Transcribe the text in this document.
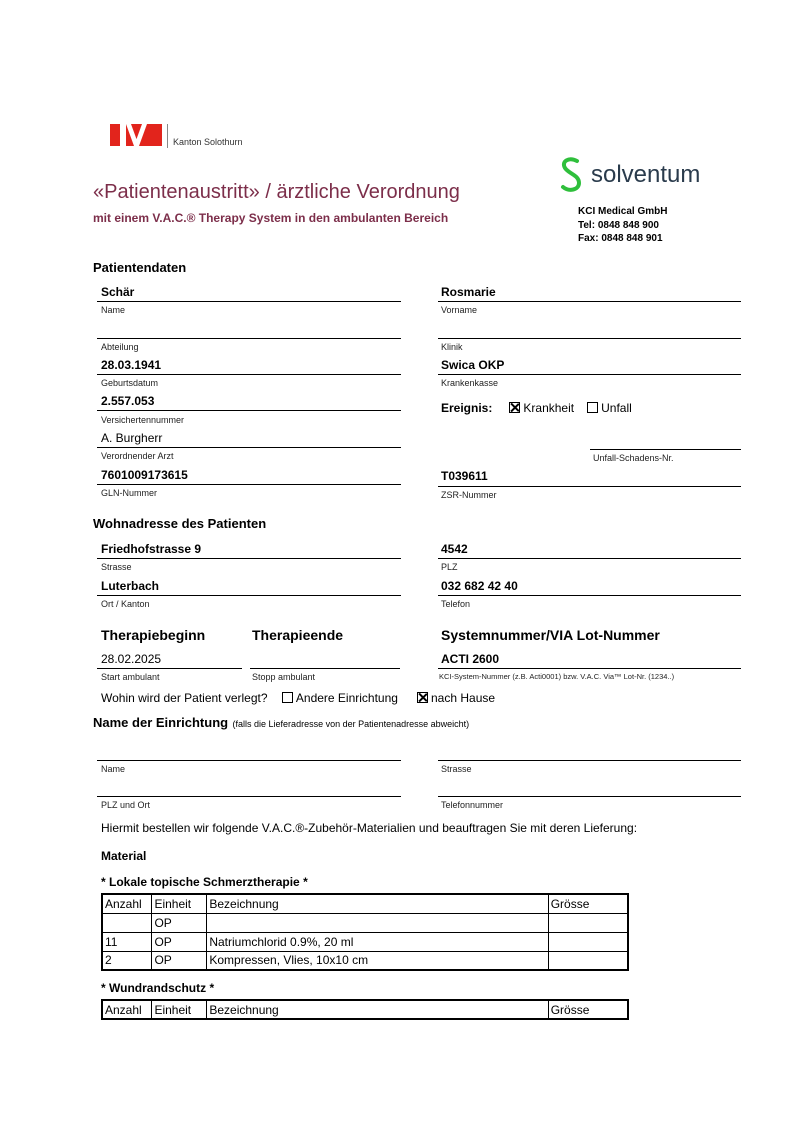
Kanton Solothurn
«Patientenaustritt» / ärztliche Verordnung
mit einem V.A.C.® Therapy System in den ambulanten Bereich
solventum
KCI Medical GmbH
Tel: 0848 848 900
Fax: 0848 848 901
Patientendaten
Schär
Name
Rosmarie
Vorname
Abteilung	Klinik
28.03.1941
Geburtsdatum
Swica OKP
Krankenkasse
2.557.053
Versichertennummer
Ereignis:	Krankheit Unfall
A. Burgherr
Verordnender Arzt	Unfall-Schadens-Nr.
7601009173615
GLN-Nummer
T039611
ZSR-Nummer
Wohnadresse des Patienten
Friedhofstrasse 9
Strasse
4542
PLZ
Luterbach
Ort / Kanton
032 682 42 40
Telefon
Therapiebeginn	Therapieende	Systemnummer/VIA Lot-Nummer
28.02.2025
Start ambulant	Stopp ambulant
ACTI 2600
KCI-System-Nummer (z.B. Acti0001) bzw. V.A.C. Via™ Lot-Nr. (1234..)
Wohin wird der Patient verlegt? Andere Einrichtung	nach Hause
Name der Einrichtung (falls die Lieferadresse von der Patientenadresse abweicht)
Name	Strasse
PLZ und Ort	Telefonnummer
Hiermit bestellen wir folgende V.A.C.®-Zubehör-Materialien und beauftragen Sie mit deren Lieferung:
Material
* Lokale topische Schmerztherapie *
Anzahl	Einheit	Bezeichnung	Grösse
	OP		
11	OP	Natriumchlorid 0.9%, 20 ml	
2	OP	Kompressen, Vlies, 10x10 cm	
* Wundrandschutz *
Anzahl	Einheit	Bezeichnung	Grösse
